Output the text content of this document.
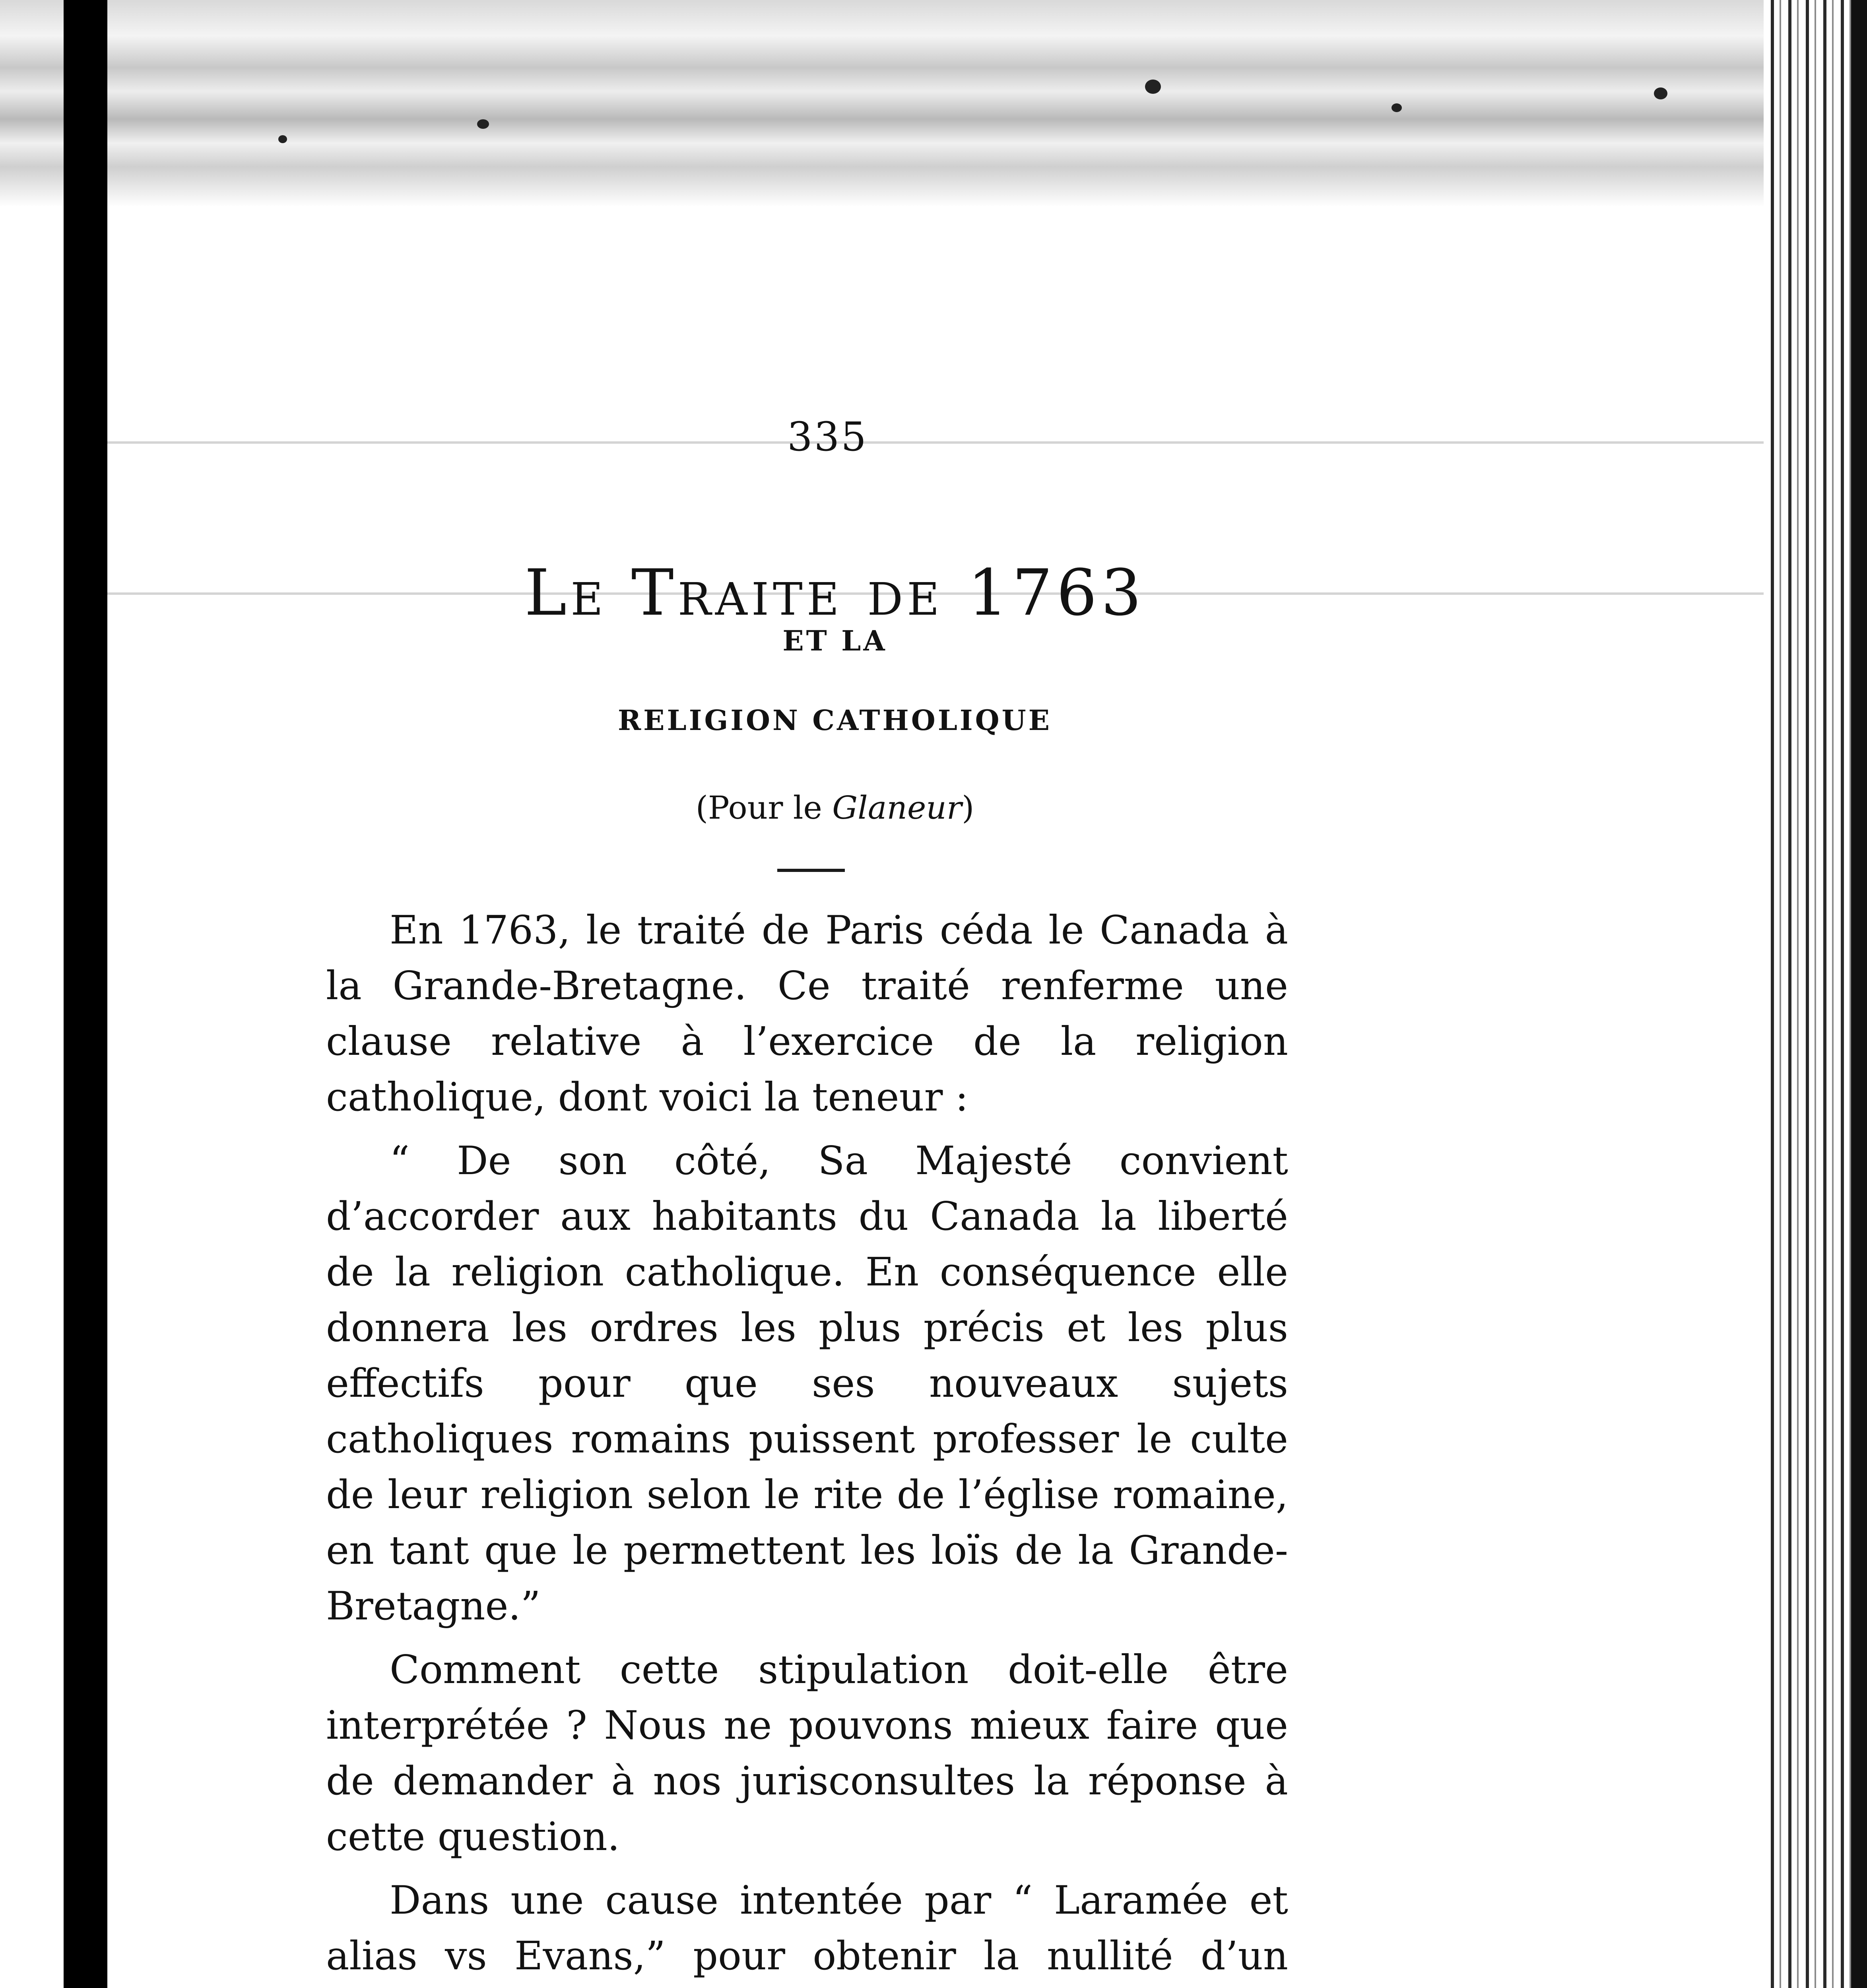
335
Le Traite de 1763
ET LA
RELIGION CATHOLIQUE
(Pour le Glaneur)

En 1763, le traité de Paris céda le Canada à la Grande-Bretagne. Ce traité renferme une clause relative à l’exercice de la religion catholique, dont voici la teneur :

“ De son côté, Sa Majesté convient d’accorder aux habitants du Canada la liberté de la religion catholique. En conséquence elle donnera les ordres les plus précis et les plus effectifs pour que ses nouveaux sujets catholiques romains puissent professer le culte de leur religion selon le rite de l’église romaine, en tant que le permettent les loïs de la Grande-Bretagne.”

Comment cette stipulation doit-elle être interprétée ? Nous ne pouvons mieux faire que de demander à nos jurisconsultes la réponse à cette question.

Dans une cause intentée par “ Laramée et alias vs Evans,” pour obtenir la nullité d’un
